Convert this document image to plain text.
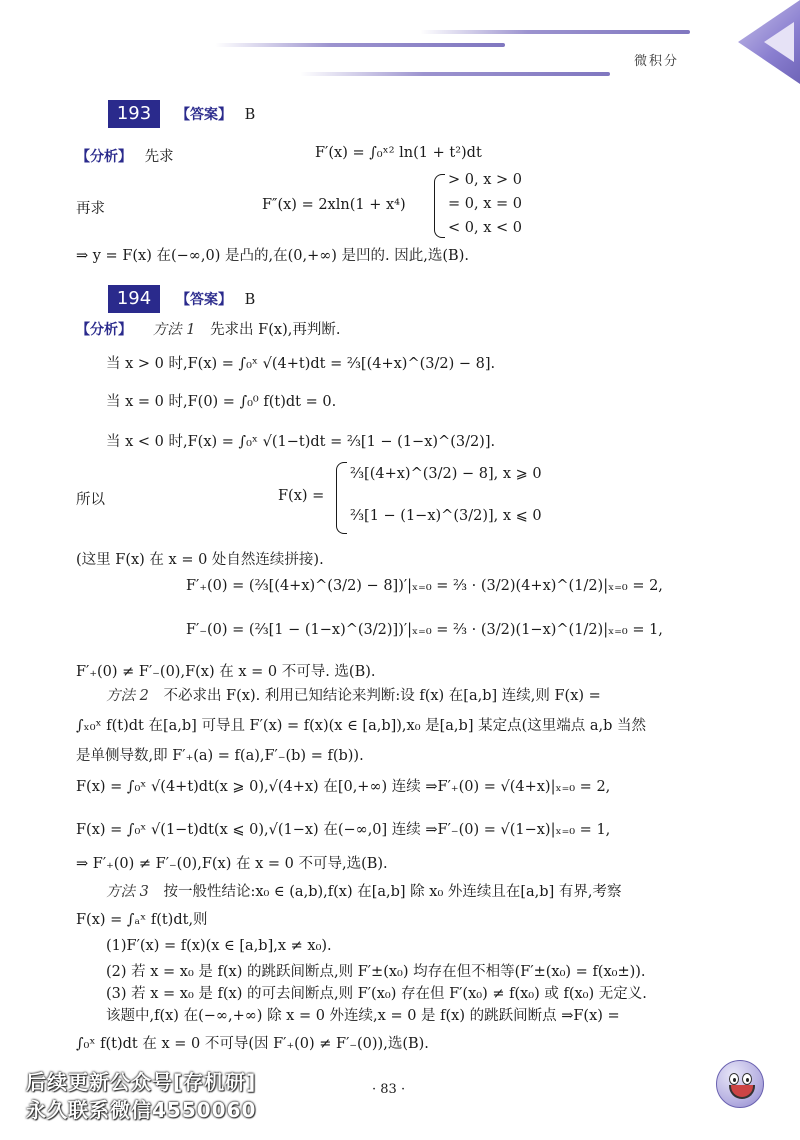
微积分
193	【答案】 B
【分析】 先求	F′(x) = ∫₀ˣ² ln(1 + t²)dt
再求	F″(x) = 2xln(1 + x⁴)
> 0, x > 0
= 0, x = 0
< 0, x < 0
⇒ y = F(x) 在(−∞,0) 是凸的,在(0,+∞) 是凹的. 因此,选(B).
194	【答案】 B
【分析】 方法 1 先求出 F(x),再判断.
当 x > 0 时,F(x) = ∫₀ˣ √(4+t)dt = ⅔[(4+x)^(3/2) − 8].
当 x = 0 时,F(0) = ∫₀⁰ f(t)dt = 0.
当 x < 0 时,F(x) = ∫₀ˣ √(1−t)dt = ⅔[1 − (1−x)^(3/2)].
所以	F(x) =
⅔[(4+x)^(3/2) − 8], x ⩾ 0
⅔[1 − (1−x)^(3/2)], x ⩽ 0
(这里 F(x) 在 x = 0 处自然连续拼接).
F′₊(0) = (⅔[(4+x)^(3/2) − 8])′|ₓ₌₀ = ⅔ · (3/2)(4+x)^(1/2)|ₓ₌₀ = 2,
F′₋(0) = (⅔[1 − (1−x)^(3/2)])′|ₓ₌₀ = ⅔ · (3/2)(1−x)^(1/2)|ₓ₌₀ = 1,
F′₊(0) ≠ F′₋(0),F(x) 在 x = 0 不可导. 选(B).
方法 2 不必求出 F(x). 利用已知结论来判断:设 f(x) 在[a,b] 连续,则 F(x) =
∫ₓ₀ˣ f(t)dt 在[a,b] 可导且 F′(x) = f(x)(x ∈ [a,b]),x₀ 是[a,b] 某定点(这里端点 a,b 当然
是单侧导数,即 F′₊(a) = f(a),F′₋(b) = f(b)).
F(x) = ∫₀ˣ √(4+t)dt(x ⩾ 0),√(4+x) 在[0,+∞) 连续 ⇒F′₊(0) = √(4+x)|ₓ₌₀ = 2,
F(x) = ∫₀ˣ √(1−t)dt(x ⩽ 0),√(1−x) 在(−∞,0] 连续 ⇒F′₋(0) = √(1−x)|ₓ₌₀ = 1,
⇒ F′₊(0) ≠ F′₋(0),F(x) 在 x = 0 不可导,选(B).
方法 3 按一般性结论:x₀ ∈ (a,b),f(x) 在[a,b] 除 x₀ 外连续且在[a,b] 有界,考察
F(x) = ∫ₐˣ f(t)dt,则
(1)F′(x) = f(x)(x ∈ [a,b],x ≠ x₀).
(2) 若 x = x₀ 是 f(x) 的跳跃间断点,则 F′±(x₀) 均存在但不相等(F′±(x₀) = f(x₀±)).
(3) 若 x = x₀ 是 f(x) 的可去间断点,则 F′(x₀) 存在但 F′(x₀) ≠ f(x₀) 或 f(x₀) 无定义.
该题中,f(x) 在(−∞,+∞) 除 x = 0 外连续,x = 0 是 f(x) 的跳跃间断点 ⇒F(x) =
∫₀ˣ f(t)dt 在 x = 0 不可导(因 F′₊(0) ≠ F′₋(0)),选(B).
后续更新公众号[存机研]
永久联系微信4550060
· 83 ·
